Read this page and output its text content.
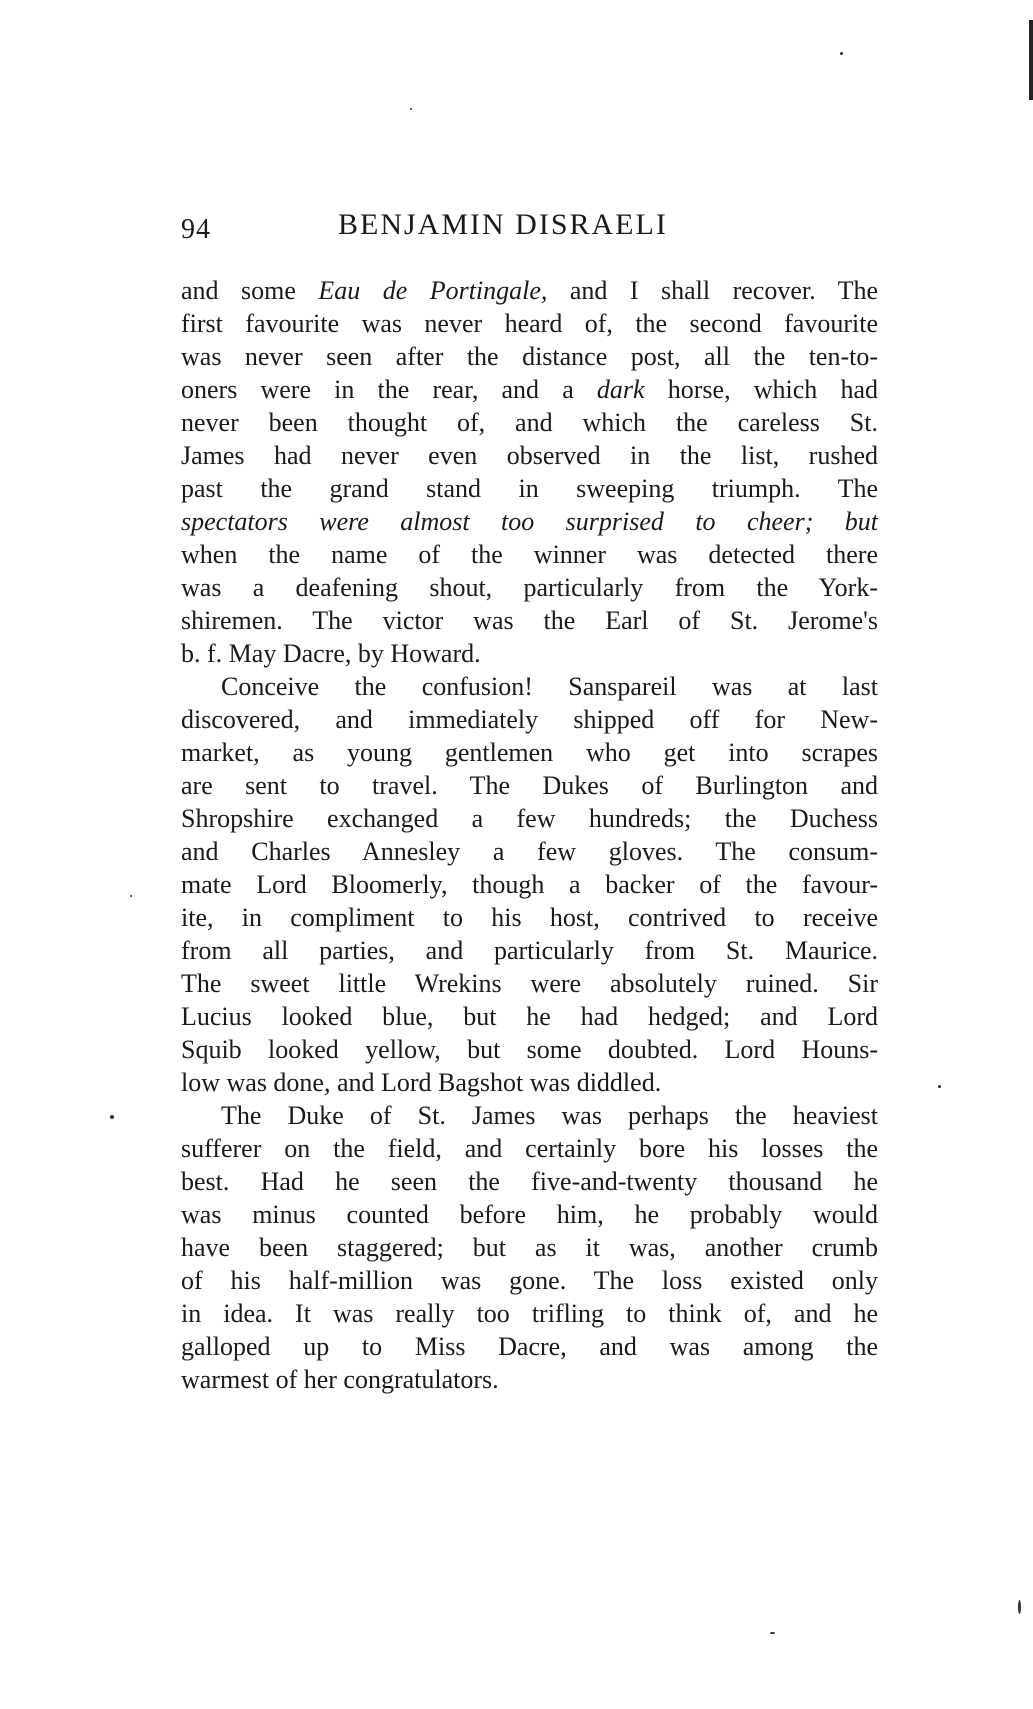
94	BENJAMIN DISRAELI
and some Eau de Portingale, and I shall recover. The
first favourite was never heard of, the second favourite
was never seen after the distance post, all the ten-to-
oners were in the rear, and a dark horse, which had
never been thought of, and which the careless St.
James had never even observed in the list, rushed
past the grand stand in sweeping triumph. The
spectators were almost too surprised to cheer; but
when the name of the winner was detected there
was a deafening shout, particularly from the York-
shiremen. The victor was the Earl of St. Jerome's
b. f. May Dacre, by Howard.
Conceive the confusion! Sanspareil was at last
discovered, and immediately shipped off for New-
market, as young gentlemen who get into scrapes
are sent to travel. The Dukes of Burlington and
Shropshire exchanged a few hundreds; the Duchess
and Charles Annesley a few gloves. The consum-
mate Lord Bloomerly, though a backer of the favour-
ite, in compliment to his host, contrived to receive
from all parties, and particularly from St. Maurice.
The sweet little Wrekins were absolutely ruined. Sir
Lucius looked blue, but he had hedged; and Lord
Squib looked yellow, but some doubted. Lord Houns-
low was done, and Lord Bagshot was diddled.
The Duke of St. James was perhaps the heaviest
sufferer on the field, and certainly bore his losses the
best. Had he seen the five-and-twenty thousand he
was minus counted before him, he probably would
have been staggered; but as it was, another crumb
of his half-million was gone. The loss existed only
in idea. It was really too trifling to think of, and he
galloped up to Miss Dacre, and was among the
warmest of her congratulators.
